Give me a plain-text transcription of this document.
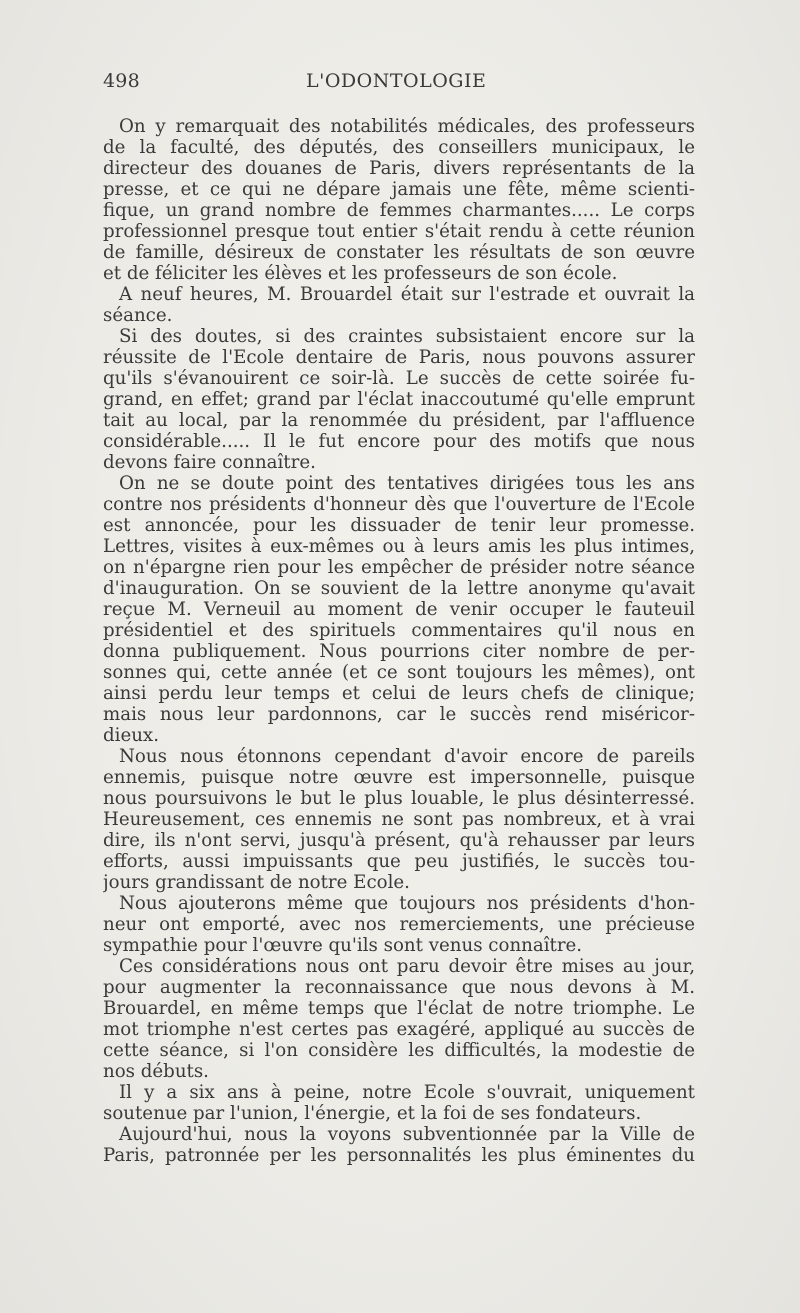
498	L'ODONTOLOGIE
On y remarquait des notabilités médicales, des professeurs
de la faculté, des députés, des conseillers municipaux, le
directeur des douanes de Paris, divers représentants de la
presse, et ce qui ne dépare jamais une fête, même scienti-
fique, un grand nombre de femmes charmantes..... Le corps
professionnel presque tout entier s'était rendu à cette réunion
de famille, désireux de constater les résultats de son œuvre
et de féliciter les élèves et les professeurs de son école.
A neuf heures, M. Brouardel était sur l'estrade et ouvrait la
séance.
Si des doutes, si des craintes subsistaient encore sur la
réussite de l'Ecole dentaire de Paris, nous pouvons assurer
qu'ils s'évanouirent ce soir-là. Le succès de cette soirée fu-
grand, en effet; grand par l'éclat inaccoutumé qu'elle emprunt
tait au local, par la renommée du président, par l'affluence
considérable..... Il le fut encore pour des motifs que nous
devons faire connaître.
On ne se doute point des tentatives dirigées tous les ans
contre nos présidents d'honneur dès que l'ouverture de l'Ecole
est annoncée, pour les dissuader de tenir leur promesse.
Lettres, visites à eux-mêmes ou à leurs amis les plus intimes,
on n'épargne rien pour les empêcher de présider notre séance
d'inauguration. On se souvient de la lettre anonyme qu'avait
reçue M. Verneuil au moment de venir occuper le fauteuil
présidentiel et des spirituels commentaires qu'il nous en
donna publiquement. Nous pourrions citer nombre de per-
sonnes qui, cette année (et ce sont toujours les mêmes), ont
ainsi perdu leur temps et celui de leurs chefs de clinique;
mais nous leur pardonnons, car le succès rend miséricor-
dieux.
Nous nous étonnons cependant d'avoir encore de pareils
ennemis, puisque notre œuvre est impersonnelle, puisque
nous poursuivons le but le plus louable, le plus désinterressé.
Heureusement, ces ennemis ne sont pas nombreux, et à vrai
dire, ils n'ont servi, jusqu'à présent, qu'à rehausser par leurs
efforts, aussi impuissants que peu justifiés, le succès tou-
jours grandissant de notre Ecole.
Nous ajouterons même que toujours nos présidents d'hon-
neur ont emporté, avec nos remerciements, une précieuse
sympathie pour l'œuvre qu'ils sont venus connaître.
Ces considérations nous ont paru devoir être mises au jour,
pour augmenter la reconnaissance que nous devons à M.
Brouardel, en même temps que l'éclat de notre triomphe. Le
mot triomphe n'est certes pas exagéré, appliqué au succès de
cette séance, si l'on considère les difficultés, la modestie de
nos débuts.
Il y a six ans à peine, notre Ecole s'ouvrait, uniquement
soutenue par l'union, l'énergie, et la foi de ses fondateurs.
Aujourd'hui, nous la voyons subventionnée par la Ville de
Paris, patronnée per les personnalités les plus éminentes du
